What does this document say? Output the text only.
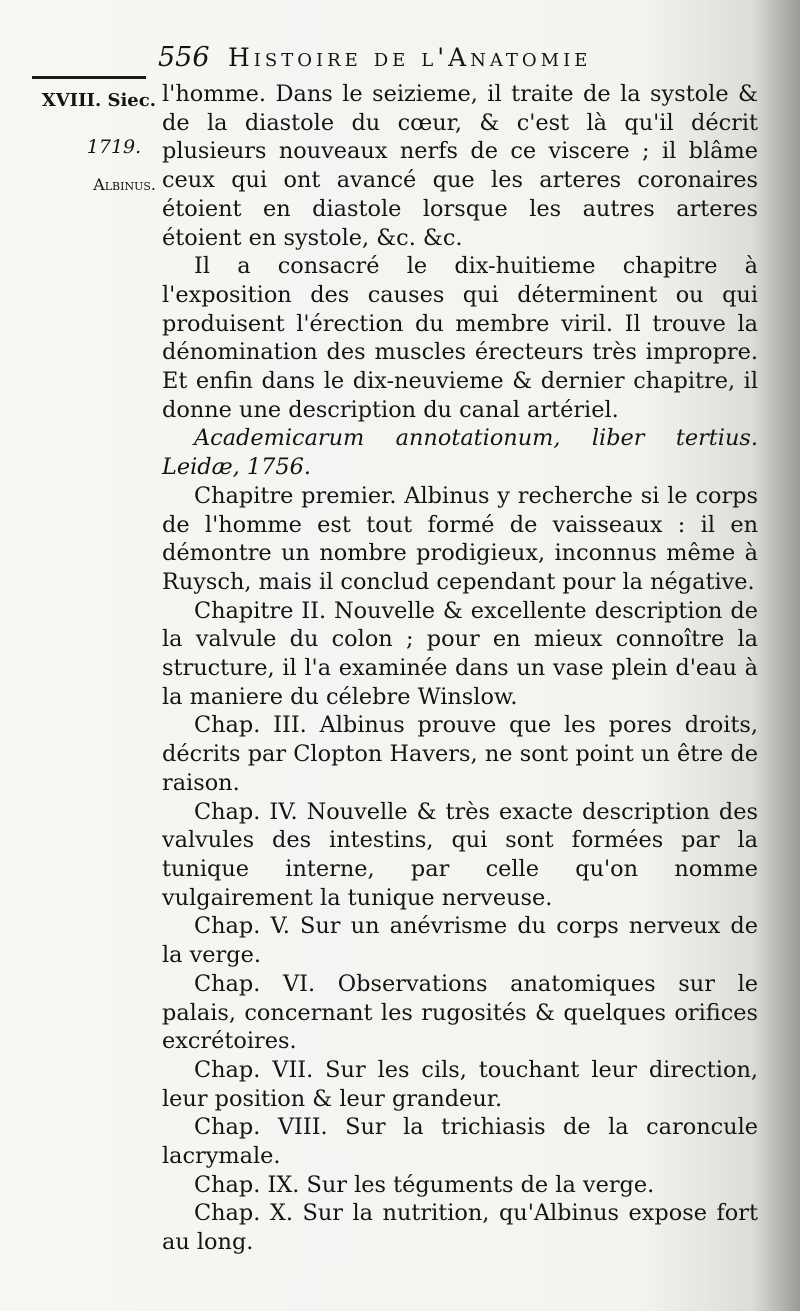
556 Histoire de l'Anatomie
XVIII. Siec.
1719.
Albinus.

l'homme. Dans le seizieme, il traite de la systole & de la diastole du cœur, & c'est là qu'il décrit plusieurs nouveaux nerfs de ce viscere ; il blâme ceux qui ont avancé que les arteres coronaires étoient en diastole lorsque les autres arteres étoient en systole, &c. &c.

Il a consacré le dix-huitieme chapitre à l'exposition des causes qui déterminent ou qui produisent l'érection du membre viril. Il trouve la dénomination des muscles érecteurs très impropre. Et enfin dans le dix-neuvieme & dernier chapitre, il donne une description du canal artériel.

Academicarum annotationum, liber tertius. Leidæ, 1756.

Chapitre premier. Albinus y recherche si le corps de l'homme est tout formé de vaisseaux : il en démontre un nombre prodigieux, inconnus même à Ruysch, mais il conclud cependant pour la négative.

Chapitre II. Nouvelle & excellente description de la valvule du colon ; pour en mieux connoître la structure, il l'a examinée dans un vase plein d'eau à la maniere du célebre Winslow.

Chap. III. Albinus prouve que les pores droits, décrits par Clopton Havers, ne sont point un être de raison.

Chap. IV. Nouvelle & très exacte description des valvules des intestins, qui sont formées par la tunique interne, par celle qu'on nomme vulgairement la tunique nerveuse.

Chap. V. Sur un anévrisme du corps nerveux de la verge.

Chap. VI. Observations anatomiques sur le palais, concernant les rugosités & quelques orifices excrétoires.

Chap. VII. Sur les cils, touchant leur direction, leur position & leur grandeur.

Chap. VIII. Sur la trichiasis de la caroncule lacrymale.

Chap. IX. Sur les téguments de la verge.

Chap. X. Sur la nutrition, qu'Albinus expose fort au long.
